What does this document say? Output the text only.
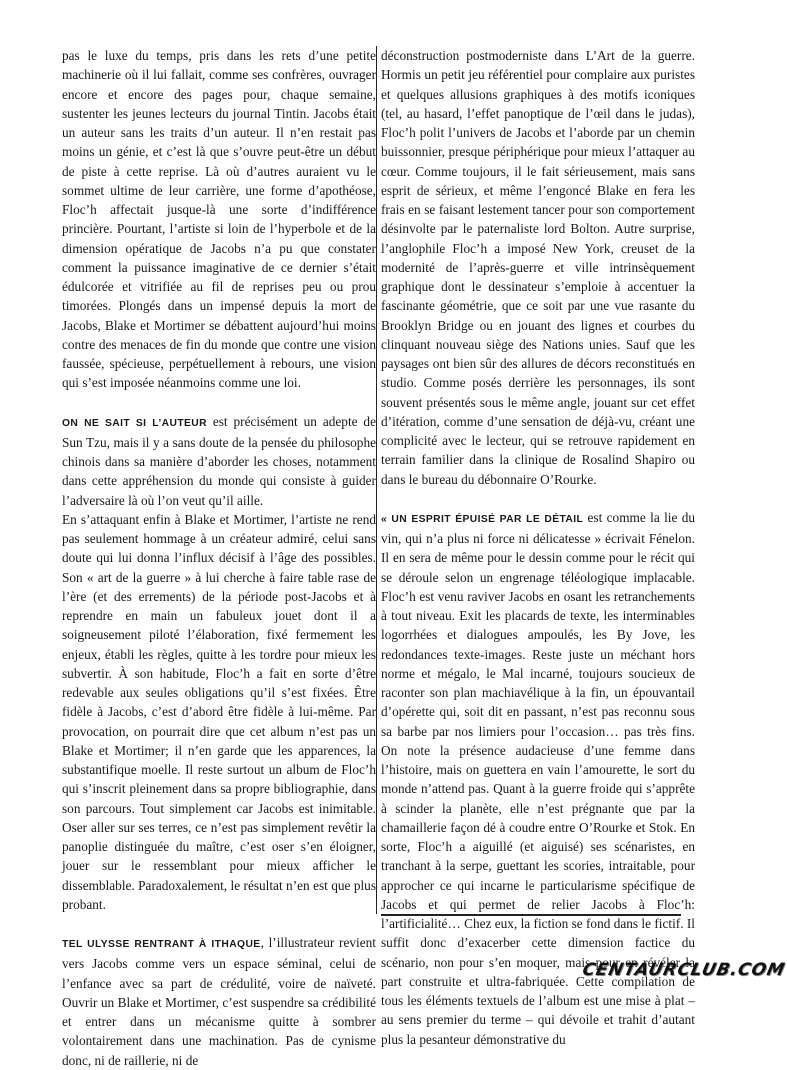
pas le luxe du temps, pris dans les rets d’une petite machinerie où il lui fallait, comme ses confrères, ouvrager encore et encore des pages pour, chaque semaine, sustenter les jeunes lecteurs du journal Tintin. Jacobs était un auteur sans les traits d’un auteur. Il n’en restait pas moins un génie, et c’est là que s’ouvre peut-être un début de piste à cette reprise. Là où d’autres auraient vu le sommet ultime de leur carrière, une forme d’apothéose, Floc’h affectait jusque-là une sorte d’indifférence princière. Pourtant, l’artiste si loin de l’hyperbole et de la dimension opératique de Jacobs n’a pu que constater comment la puissance imaginative de ce dernier s’était édulcorée et vitrifiée au fil de reprises peu ou prou timorées. Plongés dans un impensé depuis la mort de Jacobs, Blake et Mortimer se débattent aujourd’hui moins contre des menaces de fin du monde que contre une vision faussée, spécieuse, perpétuellement à rebours, une vision qui s’est imposée néanmoins comme une loi.

ON NE SAIT SI L’AUTEUR est précisément un adepte de Sun Tzu, mais il y a sans doute de la pensée du philosophe chinois dans sa manière d’aborder les choses, notamment dans cette appréhension du monde qui consiste à guider l’adversaire là où l’on veut qu’il aille.

En s’attaquant enfin à Blake et Mortimer, l’artiste ne rend pas seulement hommage à un créateur admiré, celui sans doute qui lui donna l’influx décisif à l’âge des possibles. Son « art de la guerre » à lui cherche à faire table rase de l’ère (et des errements) de la période post-Jacobs et à reprendre en main un fabuleux jouet dont il a soigneusement piloté l’élaboration, fixé fermement les enjeux, établi les règles, quitte à les tordre pour mieux les subvertir. À son habitude, Floc’h a fait en sorte d’être redevable aux seules obligations qu’il s’est fixées. Être fidèle à Jacobs, c’est d’abord être fidèle à lui-même. Par provocation, on pourrait dire que cet album n’est pas un Blake et Mortimer; il n’en garde que les apparences, la substantifique moelle. Il reste surtout un album de Floc’h qui s’inscrit pleinement dans sa propre bibliographie, dans son parcours. Tout simplement car Jacobs est inimitable. Oser aller sur ses terres, ce n’est pas simplement revêtir la panoplie distinguée du maître, c’est oser s’en éloigner, jouer sur le ressemblant pour mieux afficher le dissemblable. Paradoxalement, le résultat n’en est que plus probant.

TEL ULYSSE RENTRANT À ITHAQUE, l’illustrateur revient vers Jacobs comme vers un espace séminal, celui de l’enfance avec sa part de crédulité, voire de naïveté. Ouvrir un Blake et Mortimer, c’est suspendre sa crédibilité et entrer dans un mécanisme quitte à sombrer volontairement dans une machination. Pas de cynisme donc, ni de raillerie, ni de

déconstruction postmoderniste dans L’Art de la guerre. Hormis un petit jeu référentiel pour complaire aux puristes et quelques allusions graphiques à des motifs iconiques (tel, au hasard, l’effet panoptique de l’œil dans le judas), Floc’h polit l’univers de Jacobs et l’aborde par un chemin buissonnier, presque périphérique pour mieux l’attaquer au cœur. Comme toujours, il le fait sérieusement, mais sans esprit de sérieux, et même l’engoncé Blake en fera les frais en se faisant lestement tancer pour son comportement désinvolte par le paternaliste lord Bolton. Autre surprise, l’anglophile Floc’h a imposé New York, creuset de la modernité de l’après-guerre et ville intrinsèquement graphique dont le dessinateur s’emploie à accentuer la fascinante géométrie, que ce soit par une vue rasante du Brooklyn Bridge ou en jouant des lignes et courbes du clinquant nouveau siège des Nations unies. Sauf que les paysages ont bien sûr des allures de décors reconstitués en studio. Comme posés derrière les personnages, ils sont souvent présentés sous le même angle, jouant sur cet effet d’itération, comme d’une sensation de déjà-vu, créant une complicité avec le lecteur, qui se retrouve rapidement en terrain familier dans la clinique de Rosalind Shapiro ou dans le bureau du débonnaire O’Rourke.

« UN ESPRIT ÉPUISÉ PAR LE DÉTAIL est comme la lie du vin, qui n’a plus ni force ni délicatesse » écrivait Fénelon. Il en sera de même pour le dessin comme pour le récit qui se déroule selon un engrenage téléologique implacable. Floc’h est venu raviver Jacobs en osant les retranchements à tout niveau. Exit les placards de texte, les interminables logorrhées et dialogues ampoulés, les By Jove, les redondances texte-images. Reste juste un méchant hors norme et mégalo, le Mal incarné, toujours soucieux de raconter son plan machiavélique à la fin, un épouvantail d’opérette qui, soit dit en passant, n’est pas reconnu sous sa barbe par nos limiers pour l’occasion… pas très fins. On note la présence audacieuse d’une femme dans l’histoire, mais on guettera en vain l’amourette, le sort du monde n’attend pas. Quant à la guerre froide qui s’apprête à scinder la planète, elle n’est prégnante que par la chamaillerie façon dé à coudre entre O’Rourke et Stok. En sorte, Floc’h a aiguillé (et aiguisé) ses scénaristes, en tranchant à la serpe, guettant les scories, intraitable, pour approcher ce qui incarne le particularisme spécifique de Jacobs et qui permet de relier Jacobs à Floc’h: l’artificialité… Chez eux, la fiction se fond dans le fictif. Il suffit donc d’exacerber cette dimension factice du scénario, non pour s’en moquer, mais pour en révéler la part construite et ultra-fabriquée. Cette compilation de tous les éléments textuels de l’album est une mise à plat – au sens premier du terme – qui dévoile et trahit d’autant plus la pesanteur démonstrative du

CENTAURCLUB.COM
